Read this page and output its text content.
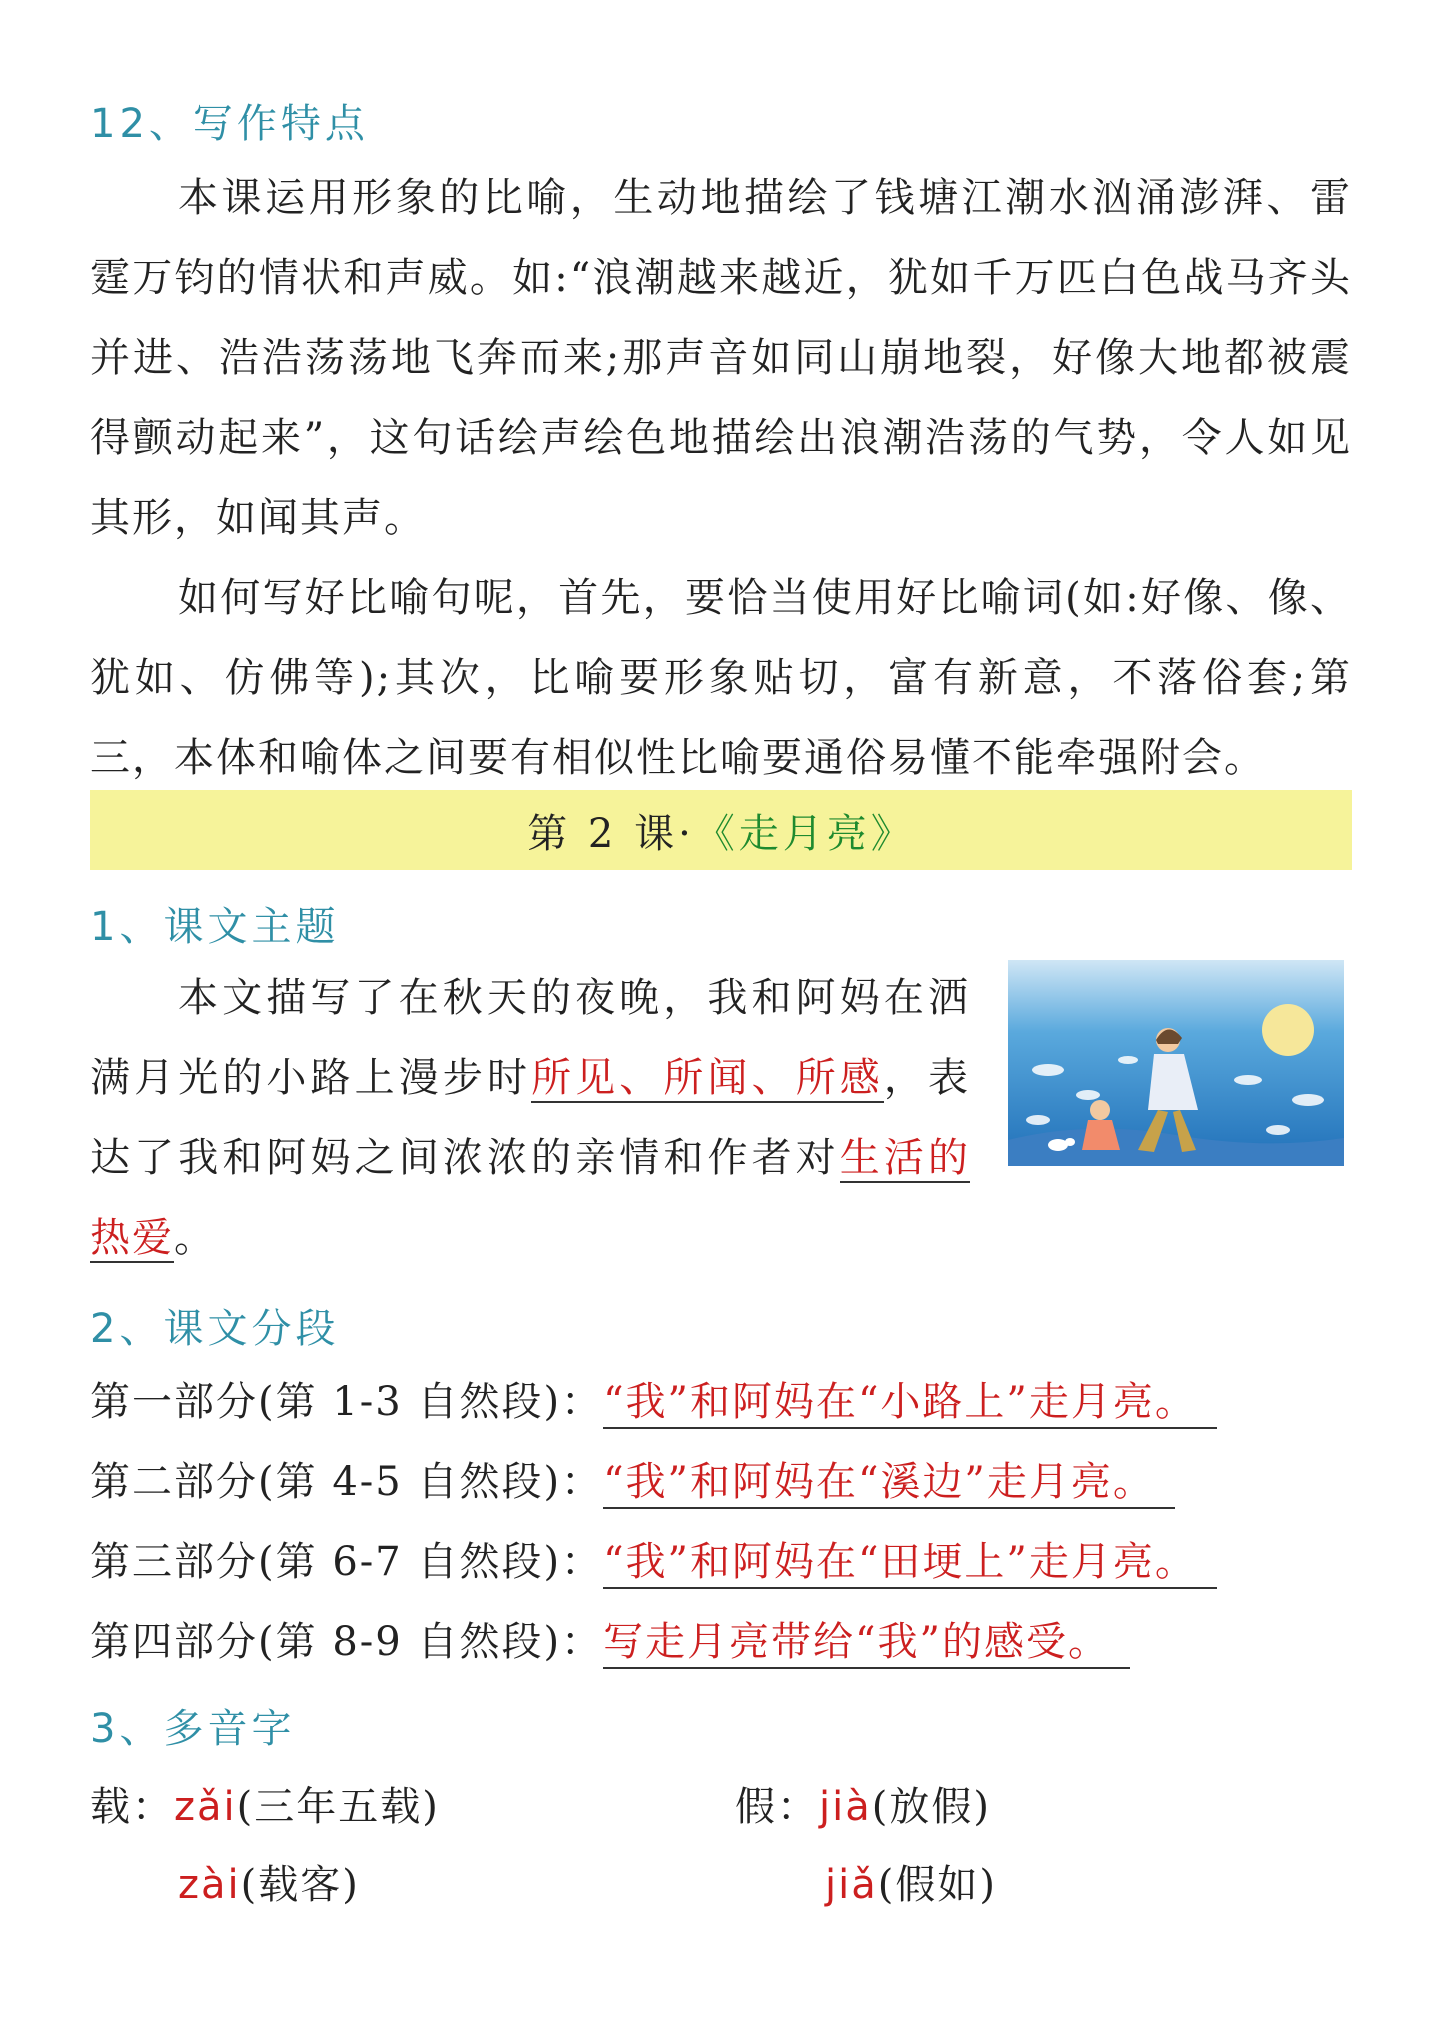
12、写作特点
本课运用形象的比喻，生动地描绘了钱塘江潮水汹涌澎湃、雷霆万钧的情状和声威。如:“浪潮越来越近，犹如千万匹白色战马齐头并进、浩浩荡荡地飞奔而来;那声音如同山崩地裂，好像大地都被震得颤动起来”，这句话绘声绘色地描绘出浪潮浩荡的气势，令人如见其形，如闻其声。
如何写好比喻句呢，首先，要恰当使用好比喻词(如:好像、像、犹如、仿佛等);其次，比喻要形象贴切，富有新意，不落俗套;第三，本体和喻体之间要有相似性比喻要通俗易懂不能牵强附会。
第 2 课· 《走月亮》
1、课文主题
本文描写了在秋天的夜晚，我和阿妈在洒满月光的小路上漫步时所见、所闻、所感，表达了我和阿妈之间浓浓的亲情和作者对生活的热爱。
2、课文分段
第一部分(第 1-3 自然段)：“我”和阿妈在“小路上”走月亮。
第二部分(第 4-5 自然段)：“我”和阿妈在“溪边”走月亮。
第三部分(第 6-7 自然段)：“我”和阿妈在“田埂上”走月亮。
第四部分(第 8-9 自然段)：写走月亮带给“我”的感受。
3、多音字
载：zǎi(三年五载)
zài(载客)
假：jià(放假)
jiǎ(假如)
